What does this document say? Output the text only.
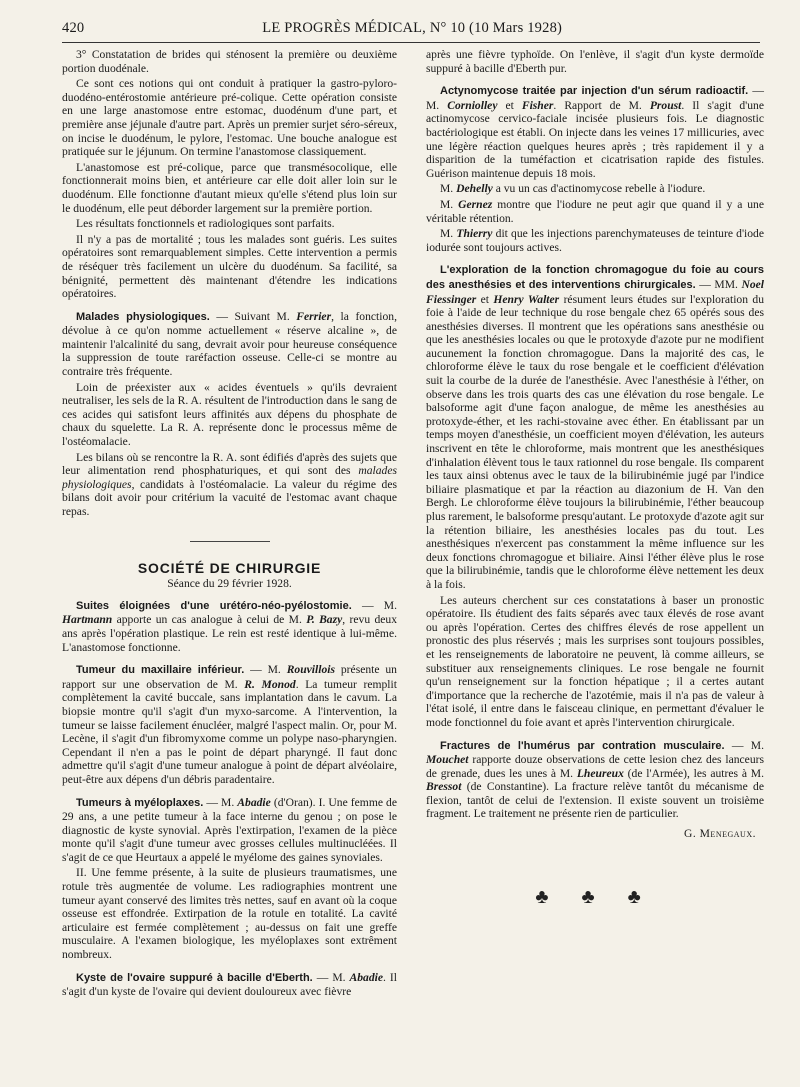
420	LE PROGRÈS MÉDICAL, N° 10 (10 Mars 1928)

3° Constatation de brides qui sténosent la première ou deuxième portion duodénale.

Ce sont ces notions qui ont conduit à pratiquer la gastro-pyloro-duodéno-entérostomie antérieure pré-colique. Cette opération consiste en une large anastomose entre estomac, duodénum d'une part, et première anse jéjunale d'autre part. Après un premier surjet séro-séreux, on incise le duodénum, le pylore, l'estomac. Une bouche analogue est pratiquée sur le jéjunum. On termine l'anastomose classiquement.

L'anastomose est pré-colique, parce que transmésocolique, elle fonctionnerait moins bien, et antérieure car elle doit aller loin sur le duodénum. Elle fonctionne d'autant mieux qu'elle s'étend plus loin sur le duodénum, elle peut déborder largement sur la première portion.

Les résultats fonctionnels et radiologiques sont parfaits.

Il n'y a pas de mortalité ; tous les malades sont guéris. Les suites opératoires sont remarquablement simples. Cette intervention a permis de réséquer très facilement un ulcère du duodénum. Sa facilité, sa bénignité, permettent dès maintenant d'étendre les indications opératoires.

Malades physiologiques. — Suivant M. Ferrier, la fonction, dévolue à ce qu'on nomme actuellement « réserve alcaline », de maintenir l'alcalinité du sang, devrait avoir pour heureuse conséquence la suppression de toute raréfaction osseuse. Celle-ci se montre au contraire très fréquente.

Loin de préexister aux « acides éventuels » qu'ils devraient neutraliser, les sels de la R. A. résultent de l'introduction dans le sang de ces acides qui satisfont leurs affinités aux dépens du phosphate de chaux du squelette. La R. A. représente donc le processus même de l'ostéomalacie.

Les bilans où se rencontre la R. A. sont édifiés d'après des sujets que leur alimentation rend phosphaturiques, et qui sont des malades physiologiques, candidats à l'ostéomalacie. La valeur du régime des bilans doit avoir pour critérium la vacuité de l'estomac avant chaque repas.

SOCIÉTÉ DE CHIRURGIE
Séance du 29 février 1928.

Suites éloignées d'une urétéro-néo-pyélostomie. — M. Hartmann apporte un cas analogue à celui de M. P. Bazy, revu deux ans après l'opération plastique. Le rein est resté identique à lui-même. L'anastomose fonctionne.

Tumeur du maxillaire inférieur. — M. Rouvillois présente un rapport sur une observation de M. R. Monod. La tumeur remplit complètement la cavité buccale, sans implantation dans le cavum. La biopsie montre qu'il s'agit d'un myxo-sarcome. A l'intervention, la tumeur se laisse facilement énucléer, malgré l'aspect malin. Or, pour M. Lecène, il s'agit d'un fibromyxome comme un polype naso-pharyngien. Cependant il n'en a pas le point de départ pharyngé. Il faut donc admettre qu'il s'agit d'une tumeur analogue à point de départ alvéolaire, peut-être aux dépens d'un débris paradentaire.

Tumeurs à myéloplaxes. — M. Abadie (d'Oran). I. Une femme de 29 ans, a une petite tumeur à la face interne du genou ; on pose le diagnostic de kyste synovial. Après l'extirpation, l'examen de la pièce monte qu'il s'agit d'une tumeur avec grosses cellules multinucléées. Il s'agit de ce que Heurtaux a appelé le myélome des gaines synoviales.

II. Une femme présente, à la suite de plusieurs traumatismes, une rotule très augmentée de volume. Les radiographies montrent une tumeur ayant conservé des limites très nettes, sauf en avant où la coque osseuse est effondrée. Extirpation de la rotule en totalité. La cavité articulaire est fermée complètement ; au-dessus on fait une greffe musculaire. A l'examen biologique, les myéloplaxes sont extrêment nombreux.

Kyste de l'ovaire suppuré à bacille d'Eberth. — M. Abadie. Il s'agit d'un kyste de l'ovaire qui devient douloureux avec fièvre

après une fièvre typhoïde. On l'enlève, il s'agit d'un kyste dermoïde suppuré à bacille d'Eberth pur.

Actynomycose traitée par injection d'un sérum radioactif. — M. Corniolley et Fisher. Rapport de M. Proust. Il s'agit d'une actinomycose cervico-faciale incisée plusieurs fois. Le diagnostic bactériologique est établi. On injecte dans les veines 17 millicuries, avec une légère réaction quelques heures après ; très rapidement il y a disparition de la tuméfaction et cicatrisation rapide des fistules. Guérison maintenue depuis 18 mois.

M. Dehelly a vu un cas d'actinomycose rebelle à l'iodure.

M. Gernez montre que l'iodure ne peut agir que quand il y a une véritable rétention.

M. Thierry dit que les injections parenchymateuses de teinture d'iode iodurée sont toujours actives.

L'exploration de la fonction chromagogue du foie au cours des anesthésies et des interventions chirurgicales. — MM. Noel Fiessinger et Henry Walter résument leurs études sur l'exploration du foie à l'aide de leur technique du rose bengale chez 65 opérés sous des anesthésies diverses. Il montrent que les opérations sans anesthésie ou que les anesthésies locales ou que le protoxyde d'azote pur ne modifient aucunement la fonction chromagogue. Dans la majorité des cas, le chloroforme élève le taux du rose bengale et le coefficient d'élévation suit la courbe de la durée de l'anesthésie. Avec l'anesthésie à l'éther, on observe dans les trois quarts des cas une élévation du rose bengale. Le balsoforme agit d'une façon analogue, de même les anesthésies au protoxyde-éther, et les rachi-stovaine avec éther. En établissant par un temps moyen d'anesthésie, un coefficient moyen d'élévation, les auteurs inscrivent en tête le chloroforme, mais montrent que les anesthésiques d'inhalation élèvent tous le taux rationnel du rose bengale. Ils comparent les taux ainsi obtenus avec le taux de la bilirubinémie jugé par l'indice biliaire plasmatique et par la réaction au diazonium de H. Van den Bergh. Le chloroforme élève toujours la bilirubinémie, l'éther beaucoup plus rarement, le balsoforme presqu'autant. Le protoxyde d'azote agit sur la rétention biliaire, les anesthésies locales pas du tout. Les anesthésiques n'exercent pas constamment la même influence sur les deux fonctions chromagogue et biliaire. Ainsi l'éther élève plus le rose que la bilirubinémie, tandis que le chloroforme élève nettement les deux à la fois.

Les auteurs cherchent sur ces constatations à baser un pronostic opératoire. Ils étudient des faits séparés avec taux élevés de rose avant ou après l'opération. Certes des chiffres élevés de rose appellent un pronostic des plus réservés ; mais les surprises sont toujours possibles, et les renseignements de laboratoire ne peuvent, là comme ailleurs, se substituer aux renseignements cliniques. Le rose bengale ne fournit qu'un renseignement sur la fonction hépatique ; il a certes autant d'importance que la recherche de l'azotémie, mais il n'a pas de valeur à l'état isolé, il entre dans le faisceau clinique, en permettant d'évaluer le mode fonctionnel du foie avant et après l'intervention chirurgicale.

Fractures de l'humérus par contration musculaire. — M. Mouchet rapporte douze observations de cette lesion chez des lanceurs de grenade, dues les unes à M. Lheureux (de l'Armée), les autres à M. Bressot (de Constantine). La fracture relève tantôt du mécanisme de flexion, tantôt de celui de l'extension. Il existe souvent un troisième fragment. Le traitement ne présente rien de particulier.

G. Menegaux.
♣ ♣ ♣
